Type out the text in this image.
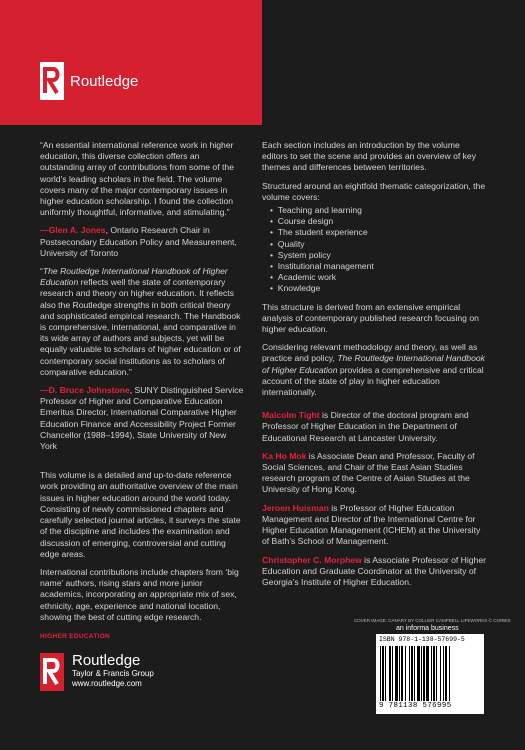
Routledge

“An essential international reference work in higher education, this diverse collection offers an outstanding array of contributions from some of the world’s leading scholars in the field. The volume covers many of the major contemporary issues in higher education scholarship. I found the collection uniformly thoughtful, informative, and stimulating.”

—Glen A. Jones, Ontario Research Chair in Postsecondary Education Policy and Measurement, University of Toronto

“The Routledge International Handbook of Higher Education reflects well the state of contemporary research and theory on higher education. It reflects also the Routledge strengths in both critical theory and sophisticated empirical research. The Handbook is comprehensive, international, and comparative in its wide array of authors and subjects, yet will be equally valuable to scholars of higher education or of contemporary social institutions as to scholars of comparative education.”

—D. Bruce Johnstone, SUNY Distinguished Service Professor of Higher and Comparative Education Emeritus Director, International Comparative Higher Education Finance and Accessibility Project Former Chancellor (1988–1994), State University of New York

This volume is a detailed and up-to-date reference work providing an authoritative overview of the main issues in higher education around the world today. Consisting of newly commissioned chapters and carefully selected journal articles, it surveys the state of the discipline and includes the examination and discussion of emerging, controversial and cutting edge areas.

International contributions include chapters from ‘big name’ authors, rising stars and more junior academics, incorporating an appropriate mix of sex, ethnicity, age, experience and national location, showing the best of cutting edge research.

Each section includes an introduction by the volume editors to set the scene and provides an overview of key themes and differences between territories.

Structured around an eightfold thematic categorization, the volume covers:

•  Teaching and learning
•  Course design
•  The student experience
•  Quality
•  System policy
•  Institutional management
•  Academic work
•  Knowledge

This structure is derived from an extensive empirical analysis of contemporary published research focusing on higher education.

Considering relevant methodology and theory, as well as practice and policy, The Routledge International Handbook of Higher Education provides a comprehensive and critical account of the state of play in higher education internationally.

Malcolm Tight is Director of the doctoral program and Professor of Higher Education in the Department of Educational Research at Lancaster University.

Ka Ho Mok is Associate Dean and Professor, Faculty of Social Sciences, and Chair of the East Asian Studies research program of the Centre of Asian Studies at the University of Hong Kong.

Jeroen Huisman is Professor of Higher Education Management and Director of the International Centre for Higher Education Management (ICHEM) at the University of Bath’s School of Management.

Christopher C. Morphew is Associate Professor of Higher Education and Graduate Coordinator at the University of Georgia’s Institute of Higher Education.

HIGHER EDUCATION
Routledge
Taylor & Francis Group
www.routledge.com
COVER IMAGE: CANARY BY COLLIER CAMPBELL LIFEWORKS © CORBIS
an informa business
ISBN 978-1-138-57699-5
9 781138 576995
